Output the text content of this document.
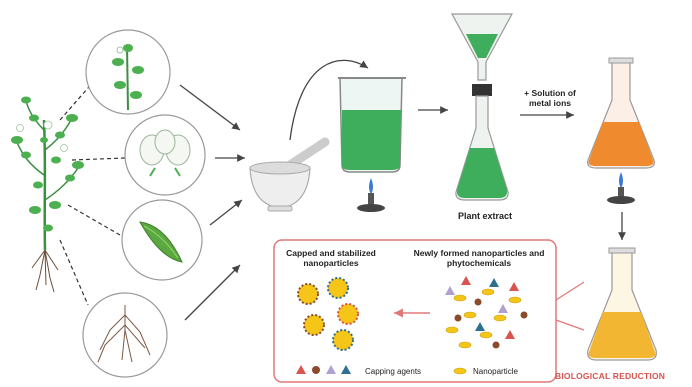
Plant extract
+ Solution of metal ions
Capped and stabilized nanoparticles
Newly formed nanoparticles and phytochemicals
Capping agents	Nanoparticle	BIOLOGICAL REDUCTION
